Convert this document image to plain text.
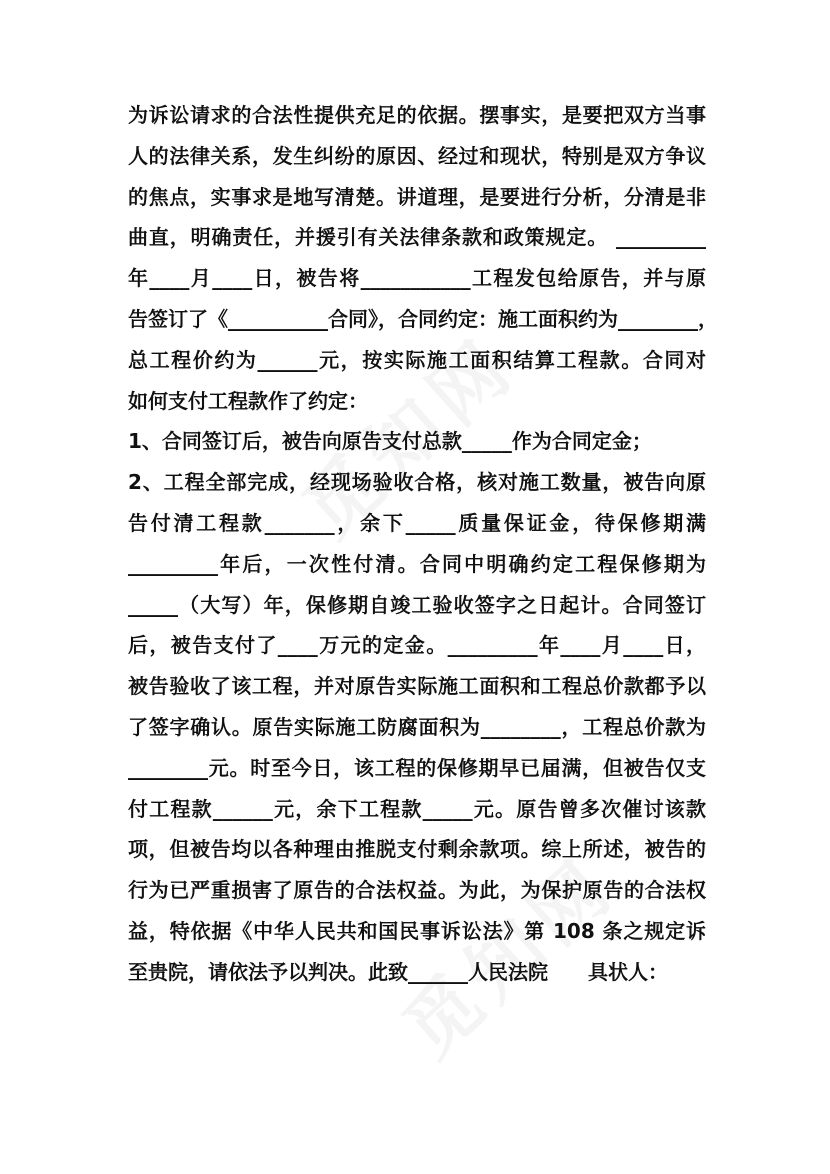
为诉讼请求的合法性提供充足的依据。摆事实，是要把双方当事
人的法律关系，发生纠纷的原因、经过和现状，特别是双方争议
的焦点，实事求是地写清楚。讲道理，是要进行分析，分清是非
曲直，明确责任，并援引有关法律条款和政策规定。 _________
年____月____日，被告将___________工程发包给原告，并与原
告签订了《__________合同》，合同约定：施工面积约为________，
总工程价约为______元，按实际施工面积结算工程款。合同对
如何支付工程款作了约定：
1、合同签订后，被告向原告支付总款_____作为合同定金；
2、工程全部完成，经现场验收合格，核对施工数量，被告向原
告付清工程款_______，余下_____质量保证金，待保修期满
_________年后，一次性付清。合同中明确约定工程保修期为
_____（大写）年，保修期自竣工验收签字之日起计。合同签订
后，被告支付了____万元的定金。_________年____月____日，
被告验收了该工程，并对原告实际施工面积和工程总价款都予以
了签字确认。原告实际施工防腐面积为________，工程总价款为
________元。时至今日，该工程的保修期早已届满，但被告仅支
付工程款______元，余下工程款_____元。原告曾多次催讨该款
项，但被告均以各种理由推脱支付剩余款项。综上所述，被告的
行为已严重损害了原告的合法权益。为此，为保护原告的合法权
益，特依据《中华人民共和国民事诉讼法》第 108 条之规定诉
至贵院，请依法予以判决。此致______人民法院　　具状人：
